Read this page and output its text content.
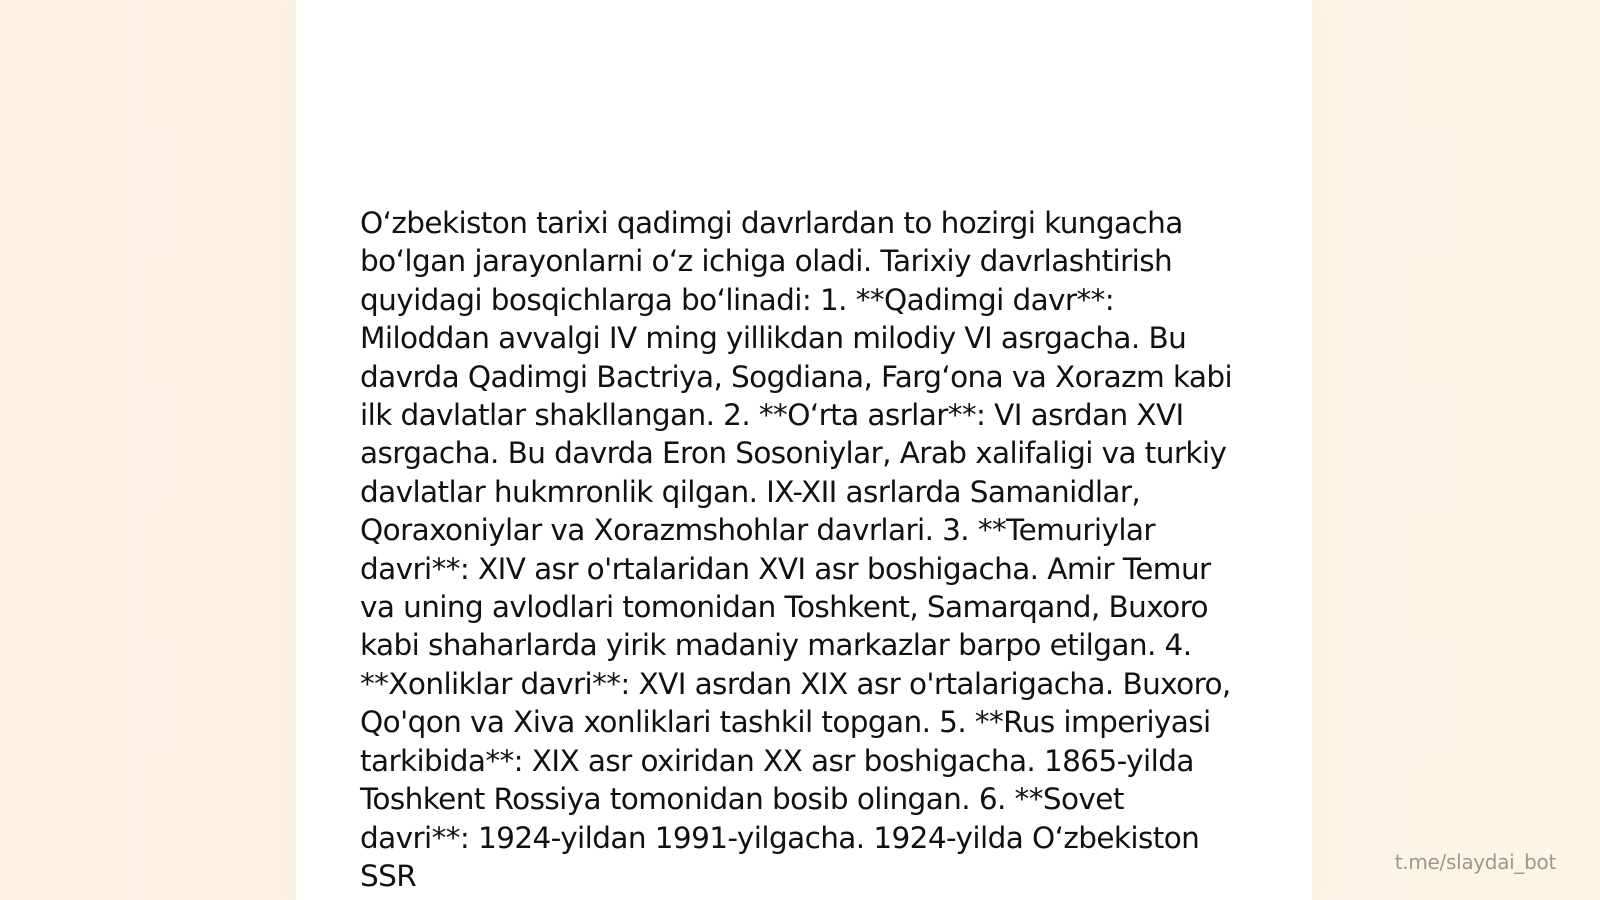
O‘zbekiston tarixi qadimgi davrlardan to hozirgi kungacha bo‘lgan jarayonlarni o‘z ichiga oladi. Tarixiy davrlashtirish quyidagi bosqichlarga bo‘linadi: 1. **Qadimgi davr**: Miloddan avvalgi IV ming yillikdan milodiy VI asrgacha. Bu davrda Qadimgi Bactriya, Sogdiana, Farg‘ona va Xorazm kabi ilk davlatlar shakllangan. 2. **O‘rta asrlar**: VI asrdan XVI asrgacha. Bu davrda Eron Sosoniylar, Arab xalifaligi va turkiy davlatlar hukmronlik qilgan. IX-XII asrlarda Samanidlar, Qoraxoniylar va Xorazmshohlar davrlari. 3. **Temuriylar davri**: XIV asr o'rtalaridan XVI asr boshigacha. Amir Temur va uning avlodlari tomonidan Toshkent, Samarqand, Buxoro kabi shaharlarda yirik madaniy markazlar barpo etilgan. 4. **Xonliklar davri**: XVI asrdan XIX asr o'rtalarigacha. Buxoro, Qo'qon va Xiva xonliklari tashkil topgan. 5. **Rus imperiyasi tarkibida**: XIX asr oxiridan XX asr boshigacha. 1865-yilda Toshkent Rossiya tomonidan bosib olingan. 6. **Sovet davri**: 1924-yildan 1991-yilgacha. 1924-yilda O‘zbekiston SSR	t.me/slaydai_bot
